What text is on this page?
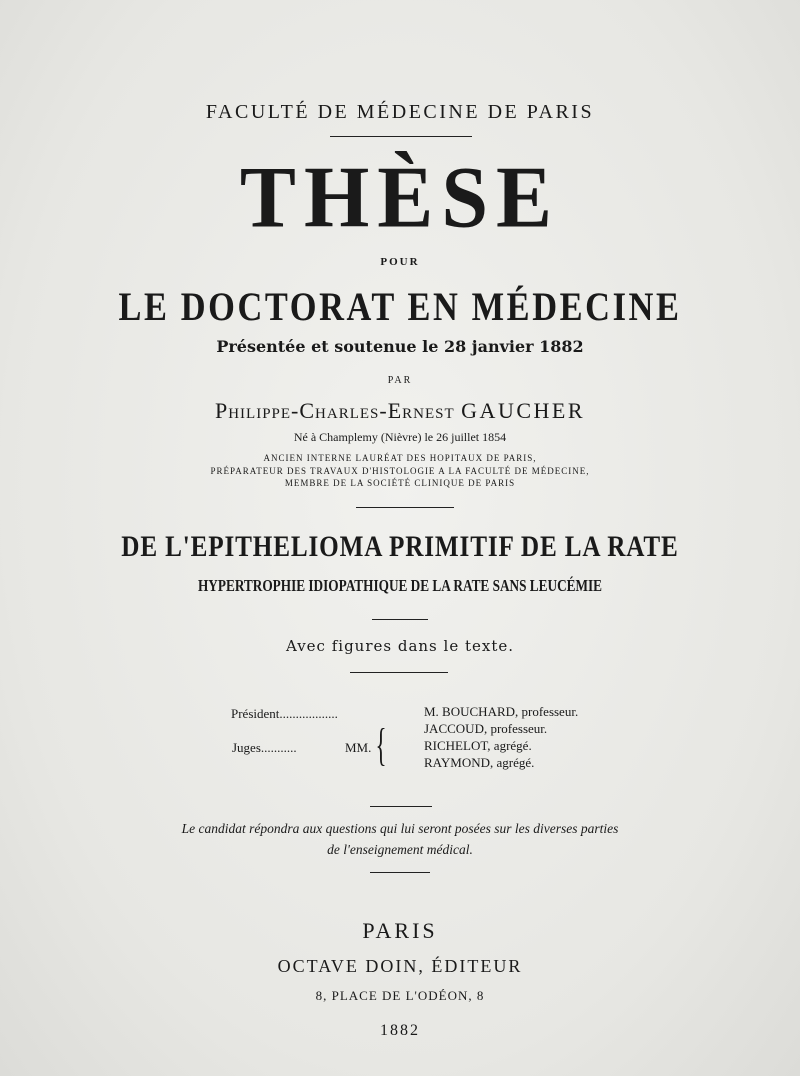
FACULTÉ DE MÉDECINE DE PARIS
THÈSE
POUR
LE DOCTORAT EN MÉDECINE
Présentée et soutenue le 28 janvier 1882
PAR
Philippe-Charles-Ernest GAUCHER
Né à Champlemy (Nièvre) le 26 juillet 1854
ANCIEN INTERNE LAURÉAT DES HOPITAUX DE PARIS,
PRÉPARATEUR DES TRAVAUX D'HISTOLOGIE A LA FACULTÉ DE MÉDECINE,
MEMBRE DE LA SOCIÉTÉ CLINIQUE DE PARIS
DE L'EPITHELIOMA PRIMITIF DE LA RATE
HYPERTROPHIE IDIOPATHIQUE DE LA RATE SANS LEUCÉMIE
Avec figures dans le texte.
Président..................	M. BOUCHARD, professeur.
Juges...........	MM. {	JACCOUD, professeur.
RICHELOT, agrégé.
RAYMOND, agrégé.
Le candidat répondra aux questions qui lui seront posées sur les diverses parties
de l'enseignement médical.
PARIS
OCTAVE DOIN, ÉDITEUR
8, PLACE DE L'ODÉON, 8
1882
